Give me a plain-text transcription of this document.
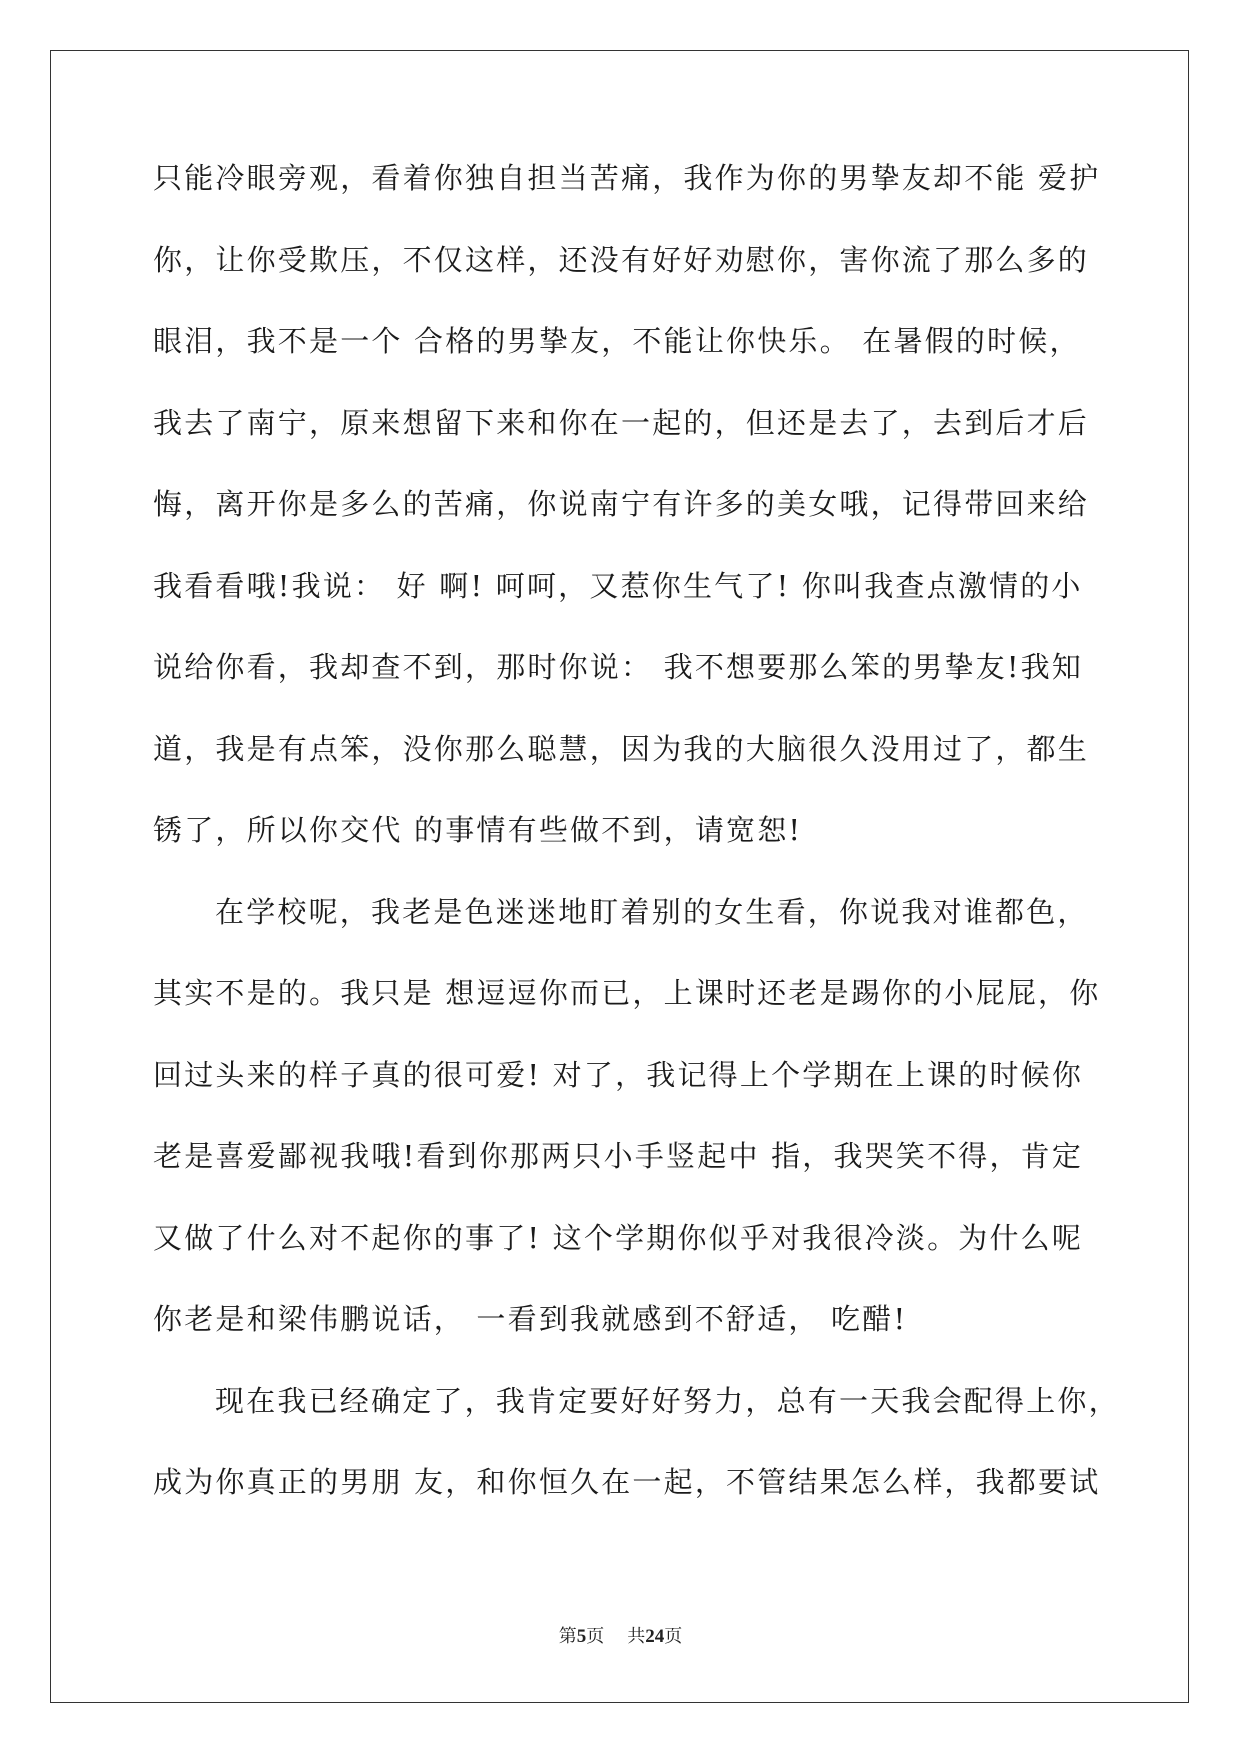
只能冷眼旁观，看着你独自担当苦痛，我作为你的男挚友却不能 爱护
你，让你受欺压，不仅这样，还没有好好劝慰你，害你流了那么多的
眼泪，我不是一个 合格的男挚友，不能让你快乐。 在暑假的时候，
我去了南宁，原来想留下来和你在一起的，但还是去了，去到后才后
悔，离开你是多么的苦痛，你说南宁有许多的美女哦，记得带回来给
我看看哦!我说： 好 啊! 呵呵，又惹你生气了! 你叫我查点激情的小
说给你看，我却查不到，那时你说： 我不想要那么笨的男挚友!我知
道，我是有点笨，没你那么聪慧，因为我的大脑很久没用过了，都生
锈了，所以你交代 的事情有些做不到，请宽恕!
在学校呢，我老是色迷迷地盯着别的女生看，你说我对谁都色，
其实不是的。我只是 想逗逗你而已，上课时还老是踢你的小屁屁，你
回过头来的样子真的很可爱! 对了，我记得上个学期在上课的时候你
老是喜爱鄙视我哦!看到你那两只小手竖起中 指，我哭笑不得，肯定
又做了什么对不起你的事了! 这个学期你似乎对我很冷淡。为什么呢
你老是和梁伟鹏说话， 一看到我就感到不舒适， 吃醋!
现在我已经确定了，我肯定要好好努力，总有一天我会配得上你，
成为你真正的男朋 友，和你恒久在一起，不管结果怎么样，我都要试
第5页 共24页
